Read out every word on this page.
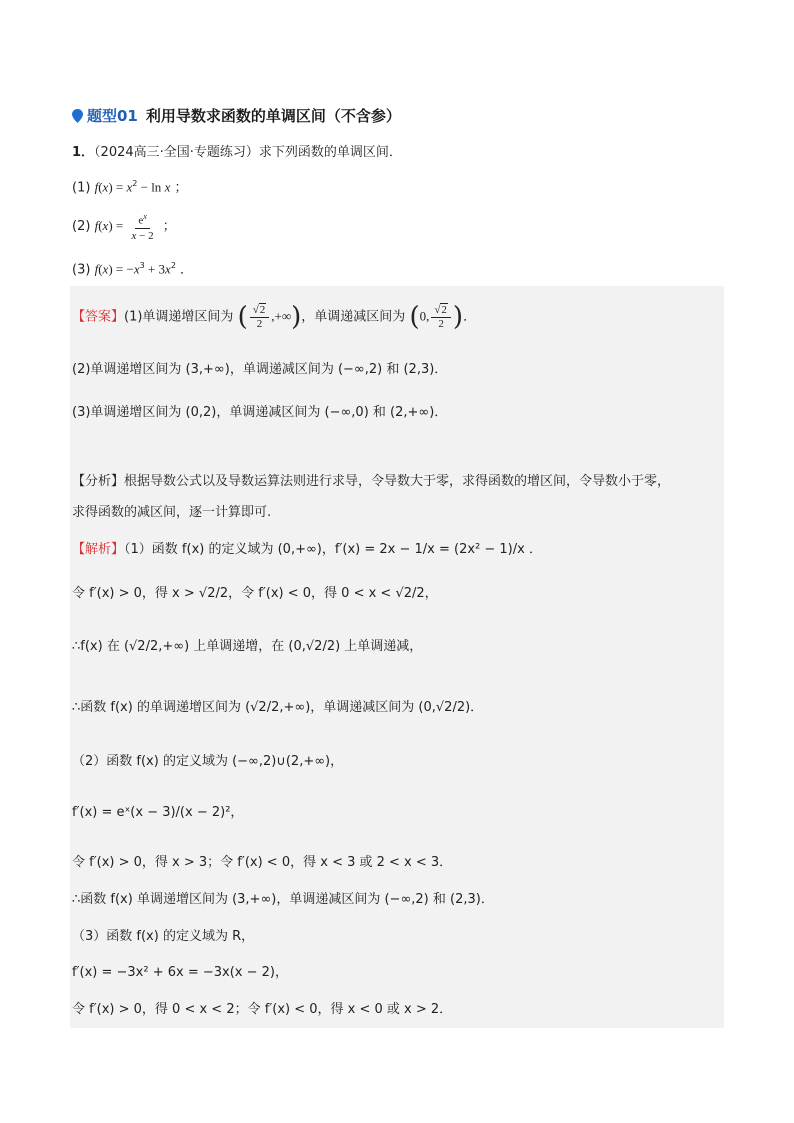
题型01 利用导数求函数的单调区间（不含参）
1．（2024高三·全国·专题练习）求下列函数的单调区间．
(1) $f(x) = x^2 - \ln x$ ；
(2) $f(x) = \frac{e^x}{x - 2}$ ；
(3) $f(x) = -x^3 + 3x^2$ ．
【答案】(1)单调递增区间为 ( $\frac{√2}{2}$ ,+∞)，单调递减区间为 (0, $\frac{√2}{2}$ )．
(2)单调递增区间为 (3,+∞)，单调递减区间为 (−∞,2) 和 (2,3)．
(3)单调递增区间为 (0,2)，单调递减区间为 (−∞,0) 和 (2,+∞)．
【分析】根据导数公式以及导数运算法则进行求导，令导数大于零，求得函数的增区间，令导数小于零，
求得函数的减区间，逐一计算即可.
【解析】（1）函数 f(x) 的定义域为 (0,+∞)，f′(x) = 2x − 1/x = (2x² − 1)/x ．
令 f′(x) > 0，得 x > √2/2，令 f′(x) < 0，得 0 < x < √2/2，
∴f(x) 在 (√2/2,+∞) 上单调递增，在 (0,√2/2) 上单调递减，
∴函数 f(x) 的单调递增区间为 (√2/2,+∞)，单调递减区间为 (0,√2/2)．
（2）函数 f(x) 的定义域为 (−∞,2)∪(2,+∞)，
f′(x) = eˣ(x − 3)/(x − 2)²，
令 f′(x) > 0，得 x > 3；令 f′(x) < 0，得 x < 3 或 2 < x < 3．
∴函数 f(x) 单调递增区间为 (3,+∞)，单调递减区间为 (−∞,2) 和 (2,3)．
（3）函数 f(x) 的定义域为 R，
f′(x) = −3x² + 6x = −3x(x − 2)，
令 f′(x) > 0，得 0 < x < 2；令 f′(x) < 0，得 x < 0 或 x > 2．
